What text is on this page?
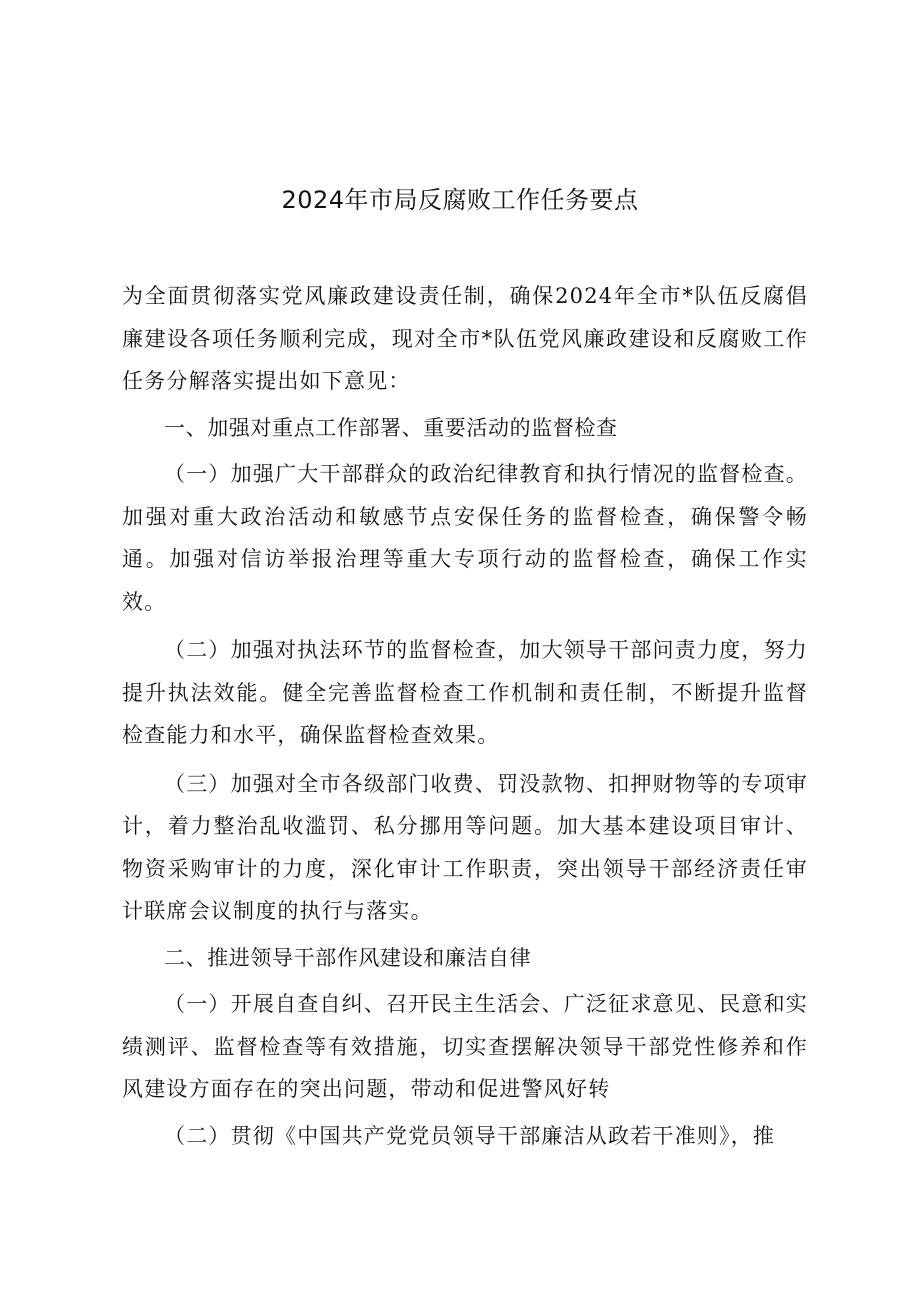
2024年市局反腐败工作任务要点

为全面贯彻落实党风廉政建设责任制，确保2024年全市*队伍反腐倡廉建设各项任务顺利完成，现对全市*队伍党风廉政建设和反腐败工作任务分解落实提出如下意见：

一、加强对重点工作部署、重要活动的监督检查

（一）加强广大干部群众的政治纪律教育和执行情况的监督检查。加强对重大政治活动和敏感节点安保任务的监督检查，确保警令畅通。加强对信访举报治理等重大专项行动的监督检查，确保工作实效。

（二）加强对执法环节的监督检查，加大领导干部问责力度，努力提升执法效能。健全完善监督检查工作机制和责任制，不断提升监督检查能力和水平，确保监督检查效果。

（三）加强对全市各级部门收费、罚没款物、扣押财物等的专项审计，着力整治乱收滥罚、私分挪用等问题。加大基本建设项目审计、物资采购审计的力度，深化审计工作职责，突出领导干部经济责任审计联席会议制度的执行与落实。

二、推进领导干部作风建设和廉洁自律

（一）开展自查自纠、召开民主生活会、广泛征求意见、民意和实绩测评、监督检查等有效措施，切实查摆解决领导干部党性修养和作风建设方面存在的突出问题，带动和促进警风好转

（二）贯彻《中国共产党党员领导干部廉洁从政若干准则》，推
